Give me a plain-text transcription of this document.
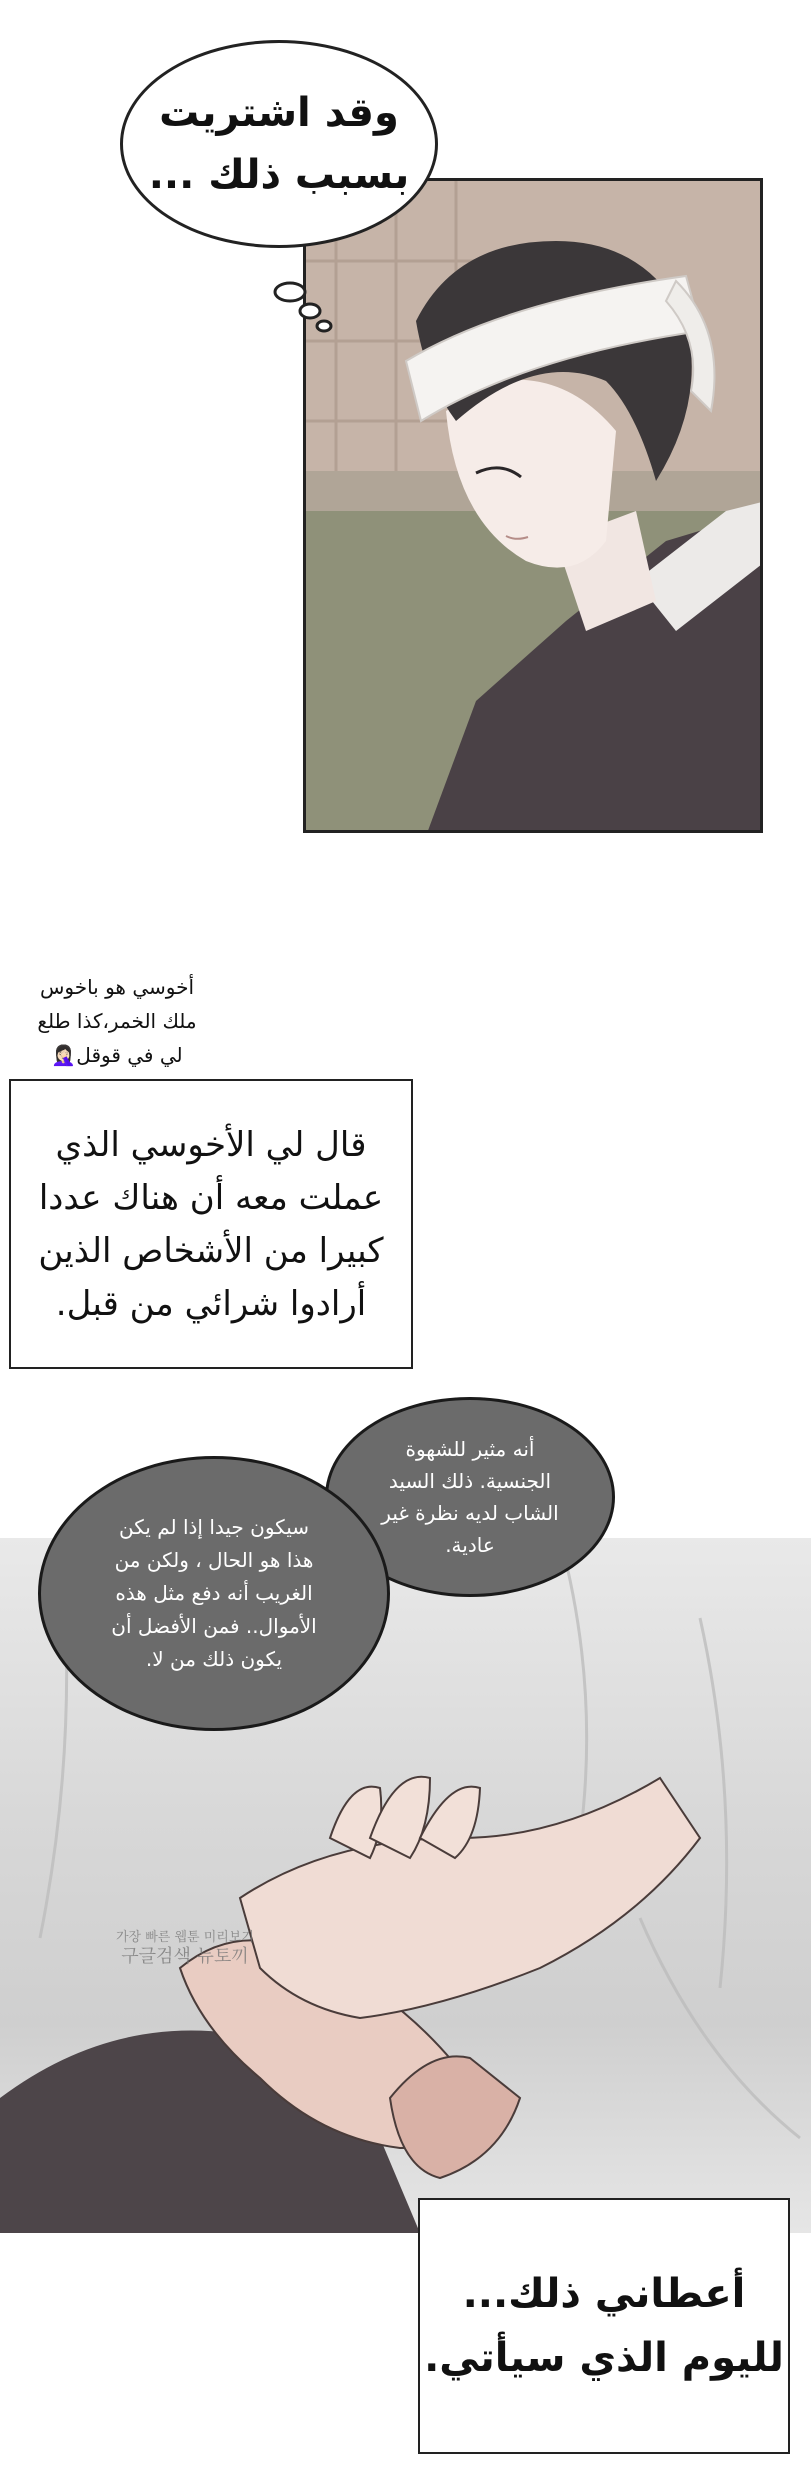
وقد اشتريت
بسبب ذلك ...
أخوسي هو باخوس
ملك الخمر،كذا طلع
لي في قوقل🤦🏻‍♀️
قال لي الأخوسي الذي
عملت معه أن هناك عددا
كبيرا من الأشخاص الذين
أرادوا شرائي من قبل.
가장 빠른 웹툰 미리보기
구글검색 뉴토끼
أنه مثير للشهوة
الجنسية. ذلك السيد
الشاب لديه نظرة غير
عادية.
سيكون جيدا إذا لم يكن
هذا هو الحال ، ولكن من
الغريب أنه دفع مثل هذه
الأموال.. فمن الأفضل أن
يكون ذلك من لا.
أعطاني ذلك...
لليوم الذي سيأتي.
